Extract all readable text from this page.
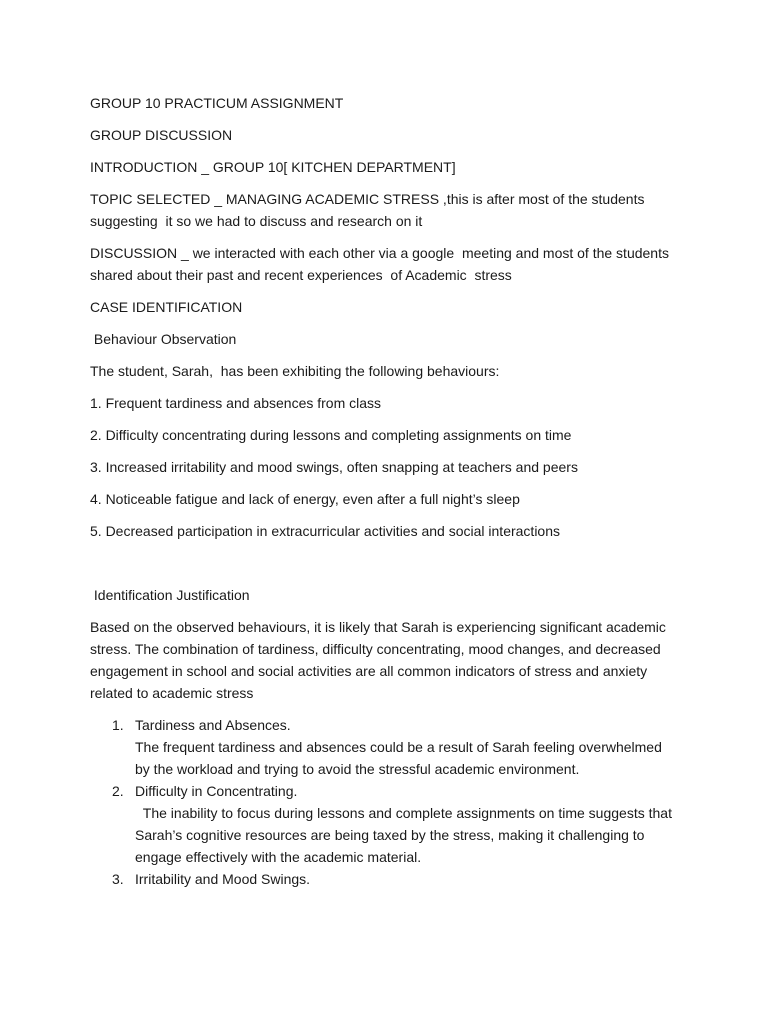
GROUP 10 PRACTICUM ASSIGNMENT

GROUP DISCUSSION

INTRODUCTION _ GROUP 10[ KITCHEN DEPARTMENT]

TOPIC SELECTED _ MANAGING ACADEMIC STRESS ,this is after most of the students suggesting  it so we had to discuss and research on it

DISCUSSION _ we interacted with each other via a google  meeting and most of the students shared about their past and recent experiences  of Academic  stress

CASE IDENTIFICATION

Behaviour Observation

The student, Sarah,  has been exhibiting the following behaviours:

1. Frequent tardiness and absences from class

2. Difficulty concentrating during lessons and completing assignments on time

3. Increased irritability and mood swings, often snapping at teachers and peers

4. Noticeable fatigue and lack of energy, even after a full night’s sleep

5. Decreased participation in extracurricular activities and social interactions

Identification Justification

Based on the observed behaviours, it is likely that Sarah is experiencing significant academic stress. The combination of tardiness, difficulty concentrating, mood changes, and decreased engagement in school and social activities are all common indicators of stress and anxiety related to academic stress

1. Tardiness and Absences.
The frequent tardiness and absences could be a result of Sarah feeling overwhelmed by the workload and trying to avoid the stressful academic environment.
2. Difficulty in Concentrating.
The inability to focus during lessons and complete assignments on time suggests that Sarah’s cognitive resources are being taxed by the stress, making it challenging to engage effectively with the academic material.
3. Irritability and Mood Swings.
